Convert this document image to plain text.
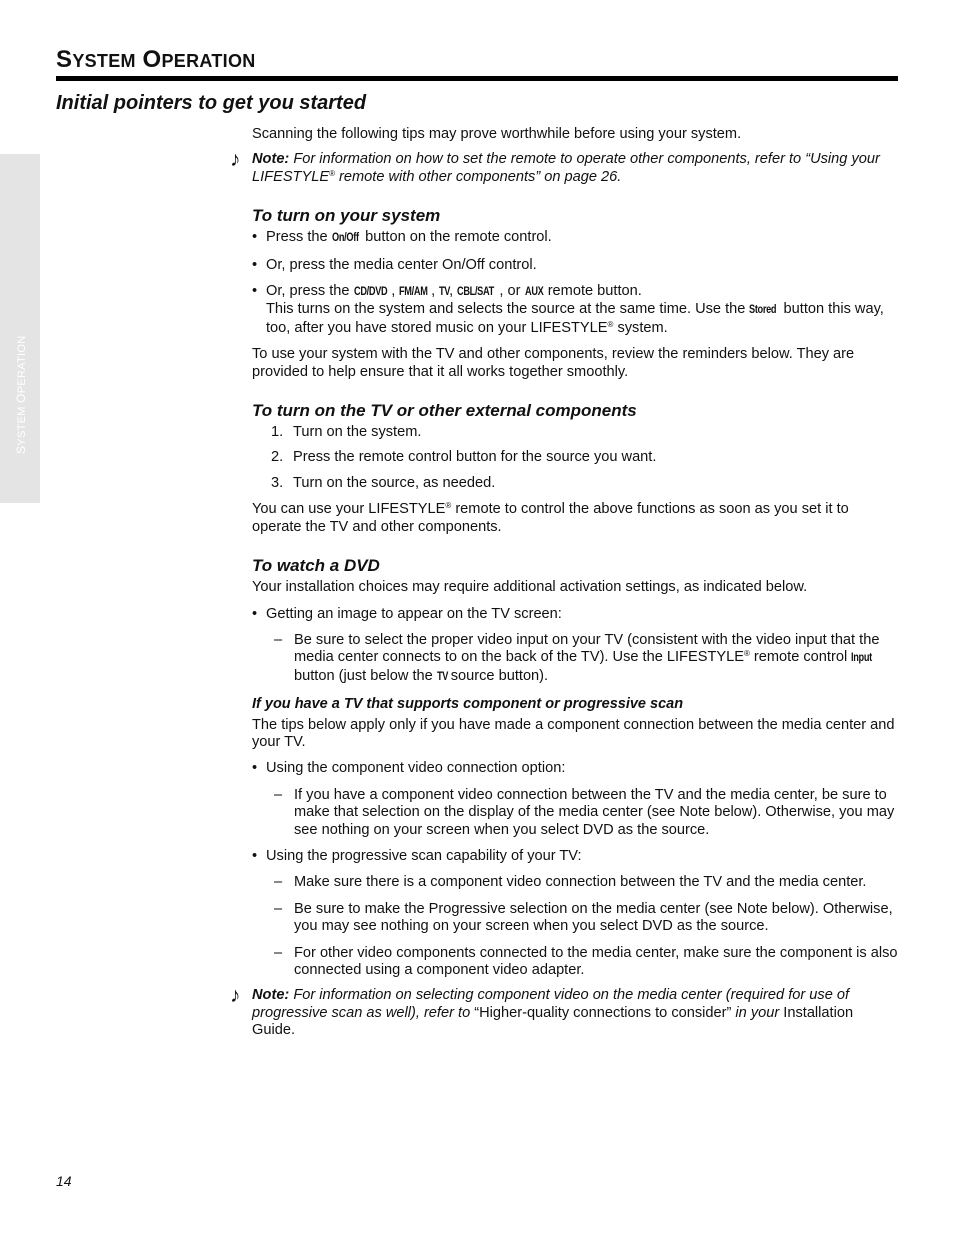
SYSTEM OPERATION
Initial pointers to get you started
SYSTEM OPERATION

Scanning the following tips may prove worthwhile before using your system.

♪ Note: For information on how to set the remote to operate other components, refer to “Using your LIFESTYLE® remote with other components” on page 26.

To turn on your system

• Press the On/Off button on the remote control.

• Or, press the media center On/Off control.

• Or, press the CD/DVD , FM/AM , TV, CBL/SAT , or AUX remote button.
This turns on the system and selects the source at the same time. Use the Stored button this way, too, after you have stored music on your LIFESTYLE® system.

To use your system with the TV and other components, review the reminders below. They are provided to help ensure that it all works together smoothly.

To turn on the TV or other external components

1. Turn on the system.

2. Press the remote control button for the source you want.

3. Turn on the source, as needed.

You can use your LIFESTYLE® remote to control the above functions as soon as you set it to operate the TV and other components.

To watch a DVD

Your installation choices may require additional activation settings, as indicated below.

• Getting an image to appear on the TV screen:

– Be sure to select the proper video input on your TV (consistent with the video input that the media center connects to on the back of the TV). Use the LIFESTYLE® remote control Input button (just below the TV source button).

If you have a TV that supports component or progressive scan

The tips below apply only if you have made a component connection between the media center and your TV.

• Using the component video connection option:

– If you have a component video connection between the TV and the media center, be sure to make that selection on the display of the media center (see Note below). Otherwise, you may see nothing on your screen when you select DVD as the source.

• Using the progressive scan capability of your TV:

– Make sure there is a component video connection between the TV and the media center.

– Be sure to make the Progressive selection on the media center (see Note below). Otherwise, you may see nothing on your screen when you select DVD as the source.

– For other video components connected to the media center, make sure the component is also connected using a component video adapter.

♪ Note: For information on selecting component video on the media center (required for use of progressive scan as well), refer to “Higher-quality connections to consider” in your Installation Guide.

14
